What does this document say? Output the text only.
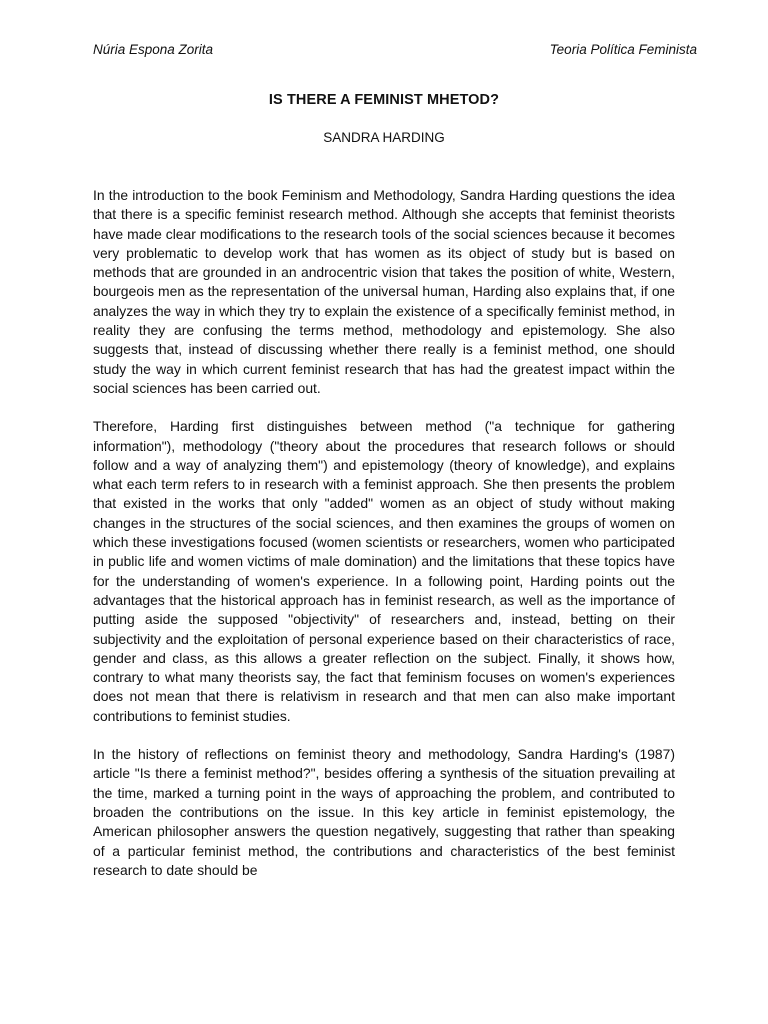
Núria Espona Zorita	Teoria Política Feminista
IS THERE A FEMINIST MHETOD?
SANDRA HARDING

In the introduction to the book Feminism and Methodology, Sandra Harding questions the idea that there is a specific feminist research method. Although she accepts that feminist theorists have made clear modifications to the research tools of the social sciences because it becomes very problematic to develop work that has women as its object of study but is based on methods that are grounded in an androcentric vision that takes the position of white, Western, bourgeois men as the representation of the universal human, Harding also explains that, if one analyzes the way in which they try to explain the existence of a specifically feminist method, in reality they are confusing the terms method, methodology and epistemology. She also suggests that, instead of discussing whether there really is a feminist method, one should study the way in which current feminist research that has had the greatest impact within the social sciences has been carried out.

Therefore, Harding first distinguishes between method ("a technique for gathering information"), methodology ("theory about the procedures that research follows or should follow and a way of analyzing them") and epistemology (theory of knowledge), and explains what each term refers to in research with a feminist approach. She then presents the problem that existed in the works that only "added" women as an object of study without making changes in the structures of the social sciences, and then examines the groups of women on which these investigations focused (women scientists or researchers, women who participated in public life and women victims of male domination) and the limitations that these topics have for the understanding of women's experience. In a following point, Harding points out the advantages that the historical approach has in feminist research, as well as the importance of putting aside the supposed "objectivity" of researchers and, instead, betting on their subjectivity and the exploitation of personal experience based on their characteristics of race, gender and class, as this allows a greater reflection on the subject. Finally, it shows how, contrary to what many theorists say, the fact that feminism focuses on women's experiences does not mean that there is relativism in research and that men can also make important contributions to feminist studies.

In the history of reflections on feminist theory and methodology, Sandra Harding's (1987) article "Is there a feminist method?", besides offering a synthesis of the situation prevailing at the time, marked a turning point in the ways of approaching the problem, and contributed to broaden the contributions on the issue. In this key article in feminist epistemology, the American philosopher answers the question negatively, suggesting that rather than speaking of a particular feminist method, the contributions and characteristics of the best feminist research to date should be
